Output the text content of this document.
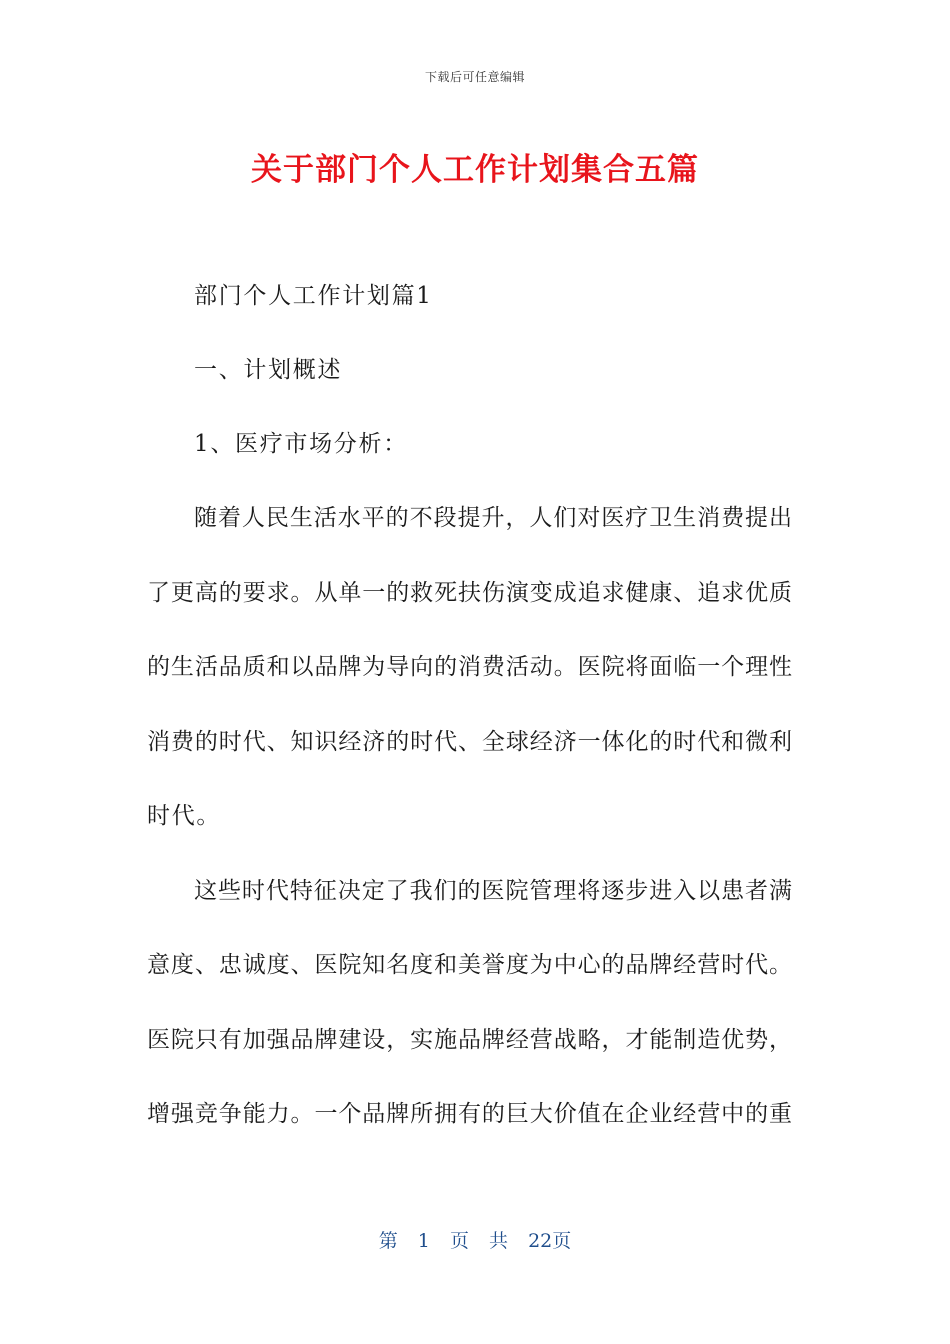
下载后可任意编辑
关于部门个人工作计划集合五篇
部门个人工作计划篇1
一、计划概述
1、医疗市场分析：
随着人民生活水平的不段提升，人们对医疗卫生消费提出
了更高的要求。从单一的救死扶伤演变成追求健康、追求优质
的生活品质和以品牌为导向的消费活动。医院将面临一个理性
消费的时代、知识经济的时代、全球经济一体化的时代和微利
时代。
这些时代特征决定了我们的医院管理将逐步进入以患者满
意度、忠诚度、医院知名度和美誉度为中心的品牌经营时代。
医院只有加强品牌建设，实施品牌经营战略，才能制造优势，
增强竞争能力。一个品牌所拥有的巨大价值在企业经营中的重
第 1 页 共 22页
